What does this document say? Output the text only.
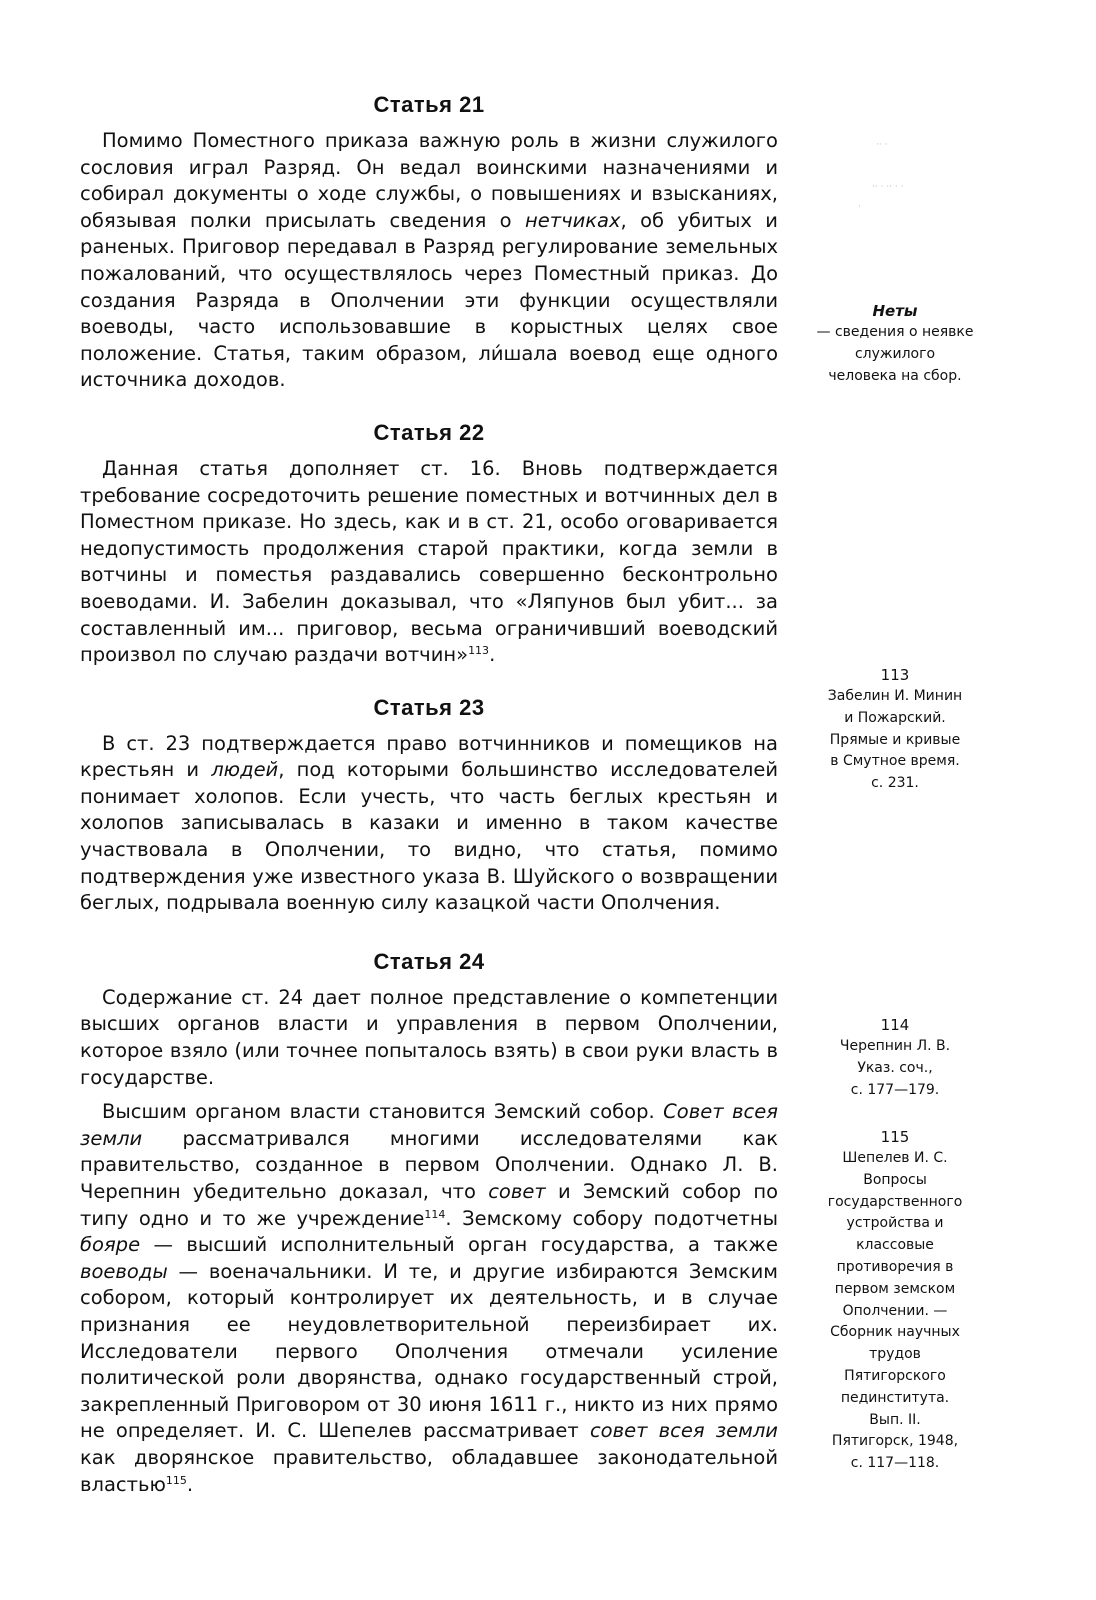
Статья 21

Помимо Поместного приказа важную роль в жизни служилого сословия играл Разряд. Он ведал воинскими назначениями и собирал документы о ходе службы, о повышениях и взысканиях, обязывая полки присылать сведения о нетчиках, об убитых и раненых. Приговор передавал в Разряд регулирование земельных пожалований, что осуществлялось через Поместный приказ. До создания Разряда в Ополчении эти функции осуществляли воеводы, часто использовавшие в корыстных целях свое положение. Статья, таким образом, ли́шала воевод еще одного источника доходов.

Статья 22

Данная статья дополняет ст. 16. Вновь подтверждается требование сосредоточить решение поместных и вотчинных дел в Поместном приказе. Но здесь, как и в ст. 21, особо оговаривается недопустимость продолжения старой практики, когда земли в вотчины и поместья раздавались совершенно бесконтрольно воеводами. И. Забелин доказывал, что «Ляпунов был убит... за составленный им... приговор, весьма ограничивший воеводский произвол по случаю раздачи вотчин»$^{113}$.

Статья 23

В ст. 23 подтверждается право вотчинников и помещиков на крестьян и людей, под которыми большинство исследователей понимает холопов. Если учесть, что часть беглых крестьян и холопов записывалась в казаки и именно в таком качестве участвовала в Ополчении, то видно, что статья, помимо подтверждения уже известного указа В. Шуйского о возвращении беглых, подрывала военную силу казацкой части Ополчения.

Статья 24

Содержание ст. 24 дает полное представление о компетенции высших органов власти и управления в первом Ополчении, которое взяло (или точнее попыталось взять) в свои руки власть в государстве.

Высшим органом власти становится Земский собор. Совет всея земли рассматривался многими исследователями как правительство, созданное в первом Ополчении. Однако Л. В. Черепнин убедительно доказал, что совет и Земский собор по типу одно и то же учреждение$^{114}$. Земскому собору подотчетны бояре — высший исполнительный орган государства, а также воеводы — военачальники. И те, и другие избираются Земским собором, который контролирует их деятельность, и в случае признания ее неудовлетворительной переизбирает их. Исследователи первого Ополчения отмечали усиление политической роли дворянства, однако государственный строй, закрепленный Приговором от 30 июня 1611 г., никто из них прямо не определяет. И. С. Шепелев рассматривает совет всея земли как дворянское правительство, обладавшее законодательной властью$^{115}$.

·· ·
·· · ·· · ·
·
Неты
— сведения о неявке
служилого
человека на сбор.
113
Забелин И. Минин
и Пожарский.
Прямые и кривые
в Смутное время.
с. 231.
114
Черепнин Л. В.
Указ. соч.,
с. 177—179.
115
Шепелев И. С.
Вопросы
государственного
устройства и
классовые
противоречия в
первом земском
Ополчении. —
Сборник научных
трудов
Пятигорского
пединститута.
Вып. II.
Пятигорск, 1948,
с. 117—118.
